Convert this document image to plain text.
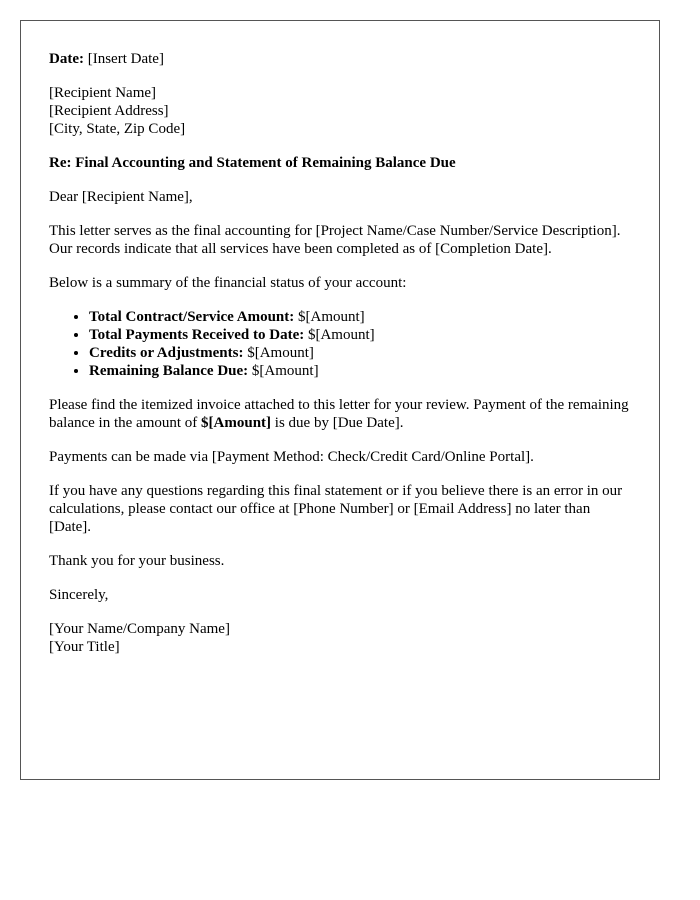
Date: [Insert Date]

[Recipient Name]
[Recipient Address]
[City, State, Zip Code]

Re: Final Accounting and Statement of Remaining Balance Due

Dear [Recipient Name],

This letter serves as the final accounting for [Project Name/Case Number/Service Description]. Our records indicate that all services have been completed as of [Completion Date].

Below is a summary of the financial status of your account:

• Total Contract/Service Amount: $[Amount]
• Total Payments Received to Date: $[Amount]
• Credits or Adjustments: $[Amount]
• Remaining Balance Due: $[Amount]

Please find the itemized invoice attached to this letter for your review. Payment of the remaining balance in the amount of $[Amount] is due by [Due Date].

Payments can be made via [Payment Method: Check/Credit Card/Online Portal].

If you have any questions regarding this final statement or if you believe there is an error in our calculations, please contact our office at [Phone Number] or [Email Address] no later than [Date].

Thank you for your business.

Sincerely,

[Your Name/Company Name]
[Your Title]
